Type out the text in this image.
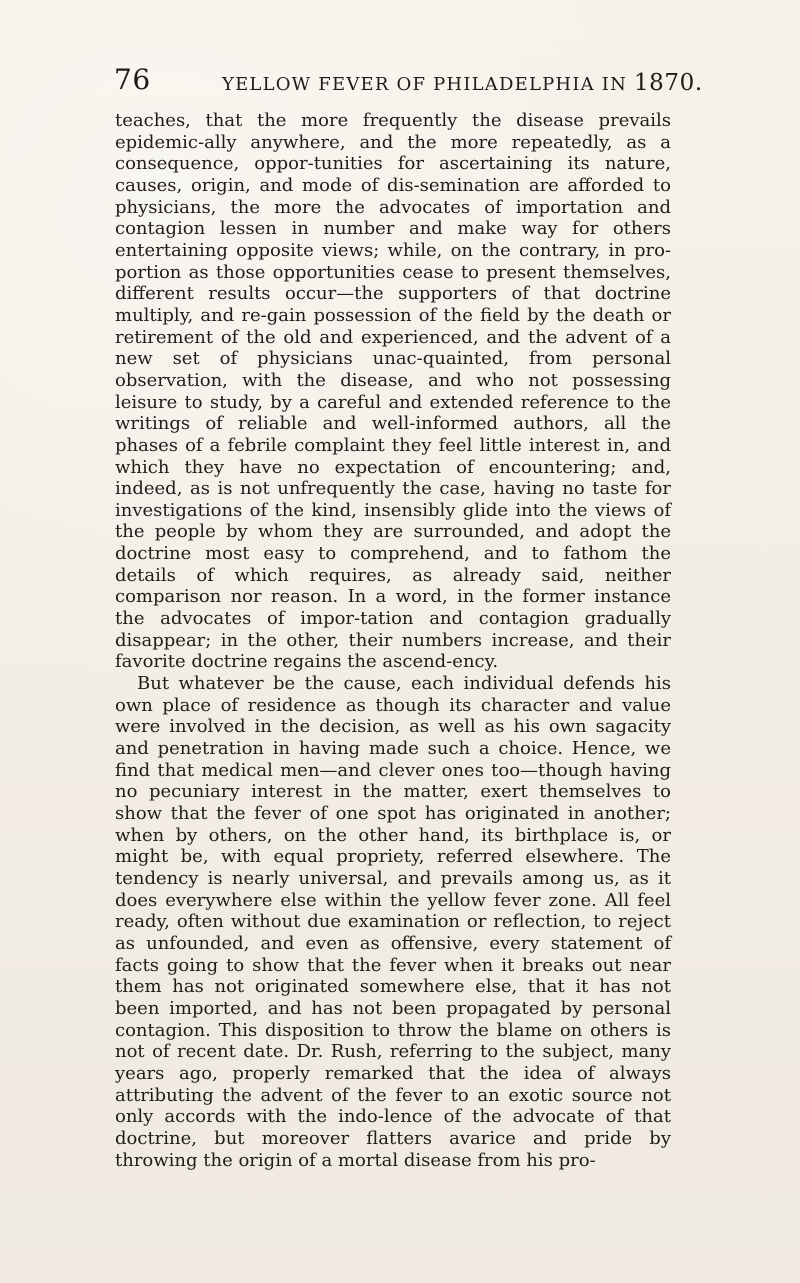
76	YELLOW FEVER OF PHILADELPHIA IN 1870.

teaches, that the more frequently the disease prevails epidemic-ally anywhere, and the more repeatedly, as a consequence, oppor-tunities for ascertaining its nature, causes, origin, and mode of dis-semination are afforded to physicians, the more the advocates of importation and contagion lessen in number and make way for others entertaining opposite views; while, on the contrary, in pro-portion as those opportunities cease to present themselves, different results occur—the supporters of that doctrine multiply, and re-gain possession of the field by the death or retirement of the old and experienced, and the advent of a new set of physicians unac-quainted, from personal observation, with the disease, and who not possessing leisure to study, by a careful and extended reference to the writings of reliable and well-informed authors, all the phases of a febrile complaint they feel little interest in, and which they have no expectation of encountering; and, indeed, as is not unfrequently the case, having no taste for investigations of the kind, insensibly glide into the views of the people by whom they are surrounded, and adopt the doctrine most easy to comprehend, and to fathom the details of which requires, as already said, neither comparison nor reason. In a word, in the former instance the advocates of impor-tation and contagion gradually disappear; in the other, their numbers increase, and their favorite doctrine regains the ascend-ency.

But whatever be the cause, each individual defends his own place of residence as though its character and value were involved in the decision, as well as his own sagacity and penetration in having made such a choice. Hence, we find that medical men—and clever ones too—though having no pecuniary interest in the matter, exert themselves to show that the fever of one spot has originated in another; when by others, on the other hand, its birthplace is, or might be, with equal propriety, referred elsewhere. The tendency is nearly universal, and prevails among us, as it does everywhere else within the yellow fever zone. All feel ready, often without due examination or reflection, to reject as unfounded, and even as offensive, every statement of facts going to show that the fever when it breaks out near them has not originated somewhere else, that it has not been imported, and has not been propagated by personal contagion. This disposition to throw the blame on others is not of recent date. Dr. Rush, referring to the subject, many years ago, properly remarked that the idea of always attributing the advent of the fever to an exotic source not only accords with the indo-lence of the advocate of that doctrine, but moreover flatters avarice and pride by throwing the origin of a mortal disease from his pro-
